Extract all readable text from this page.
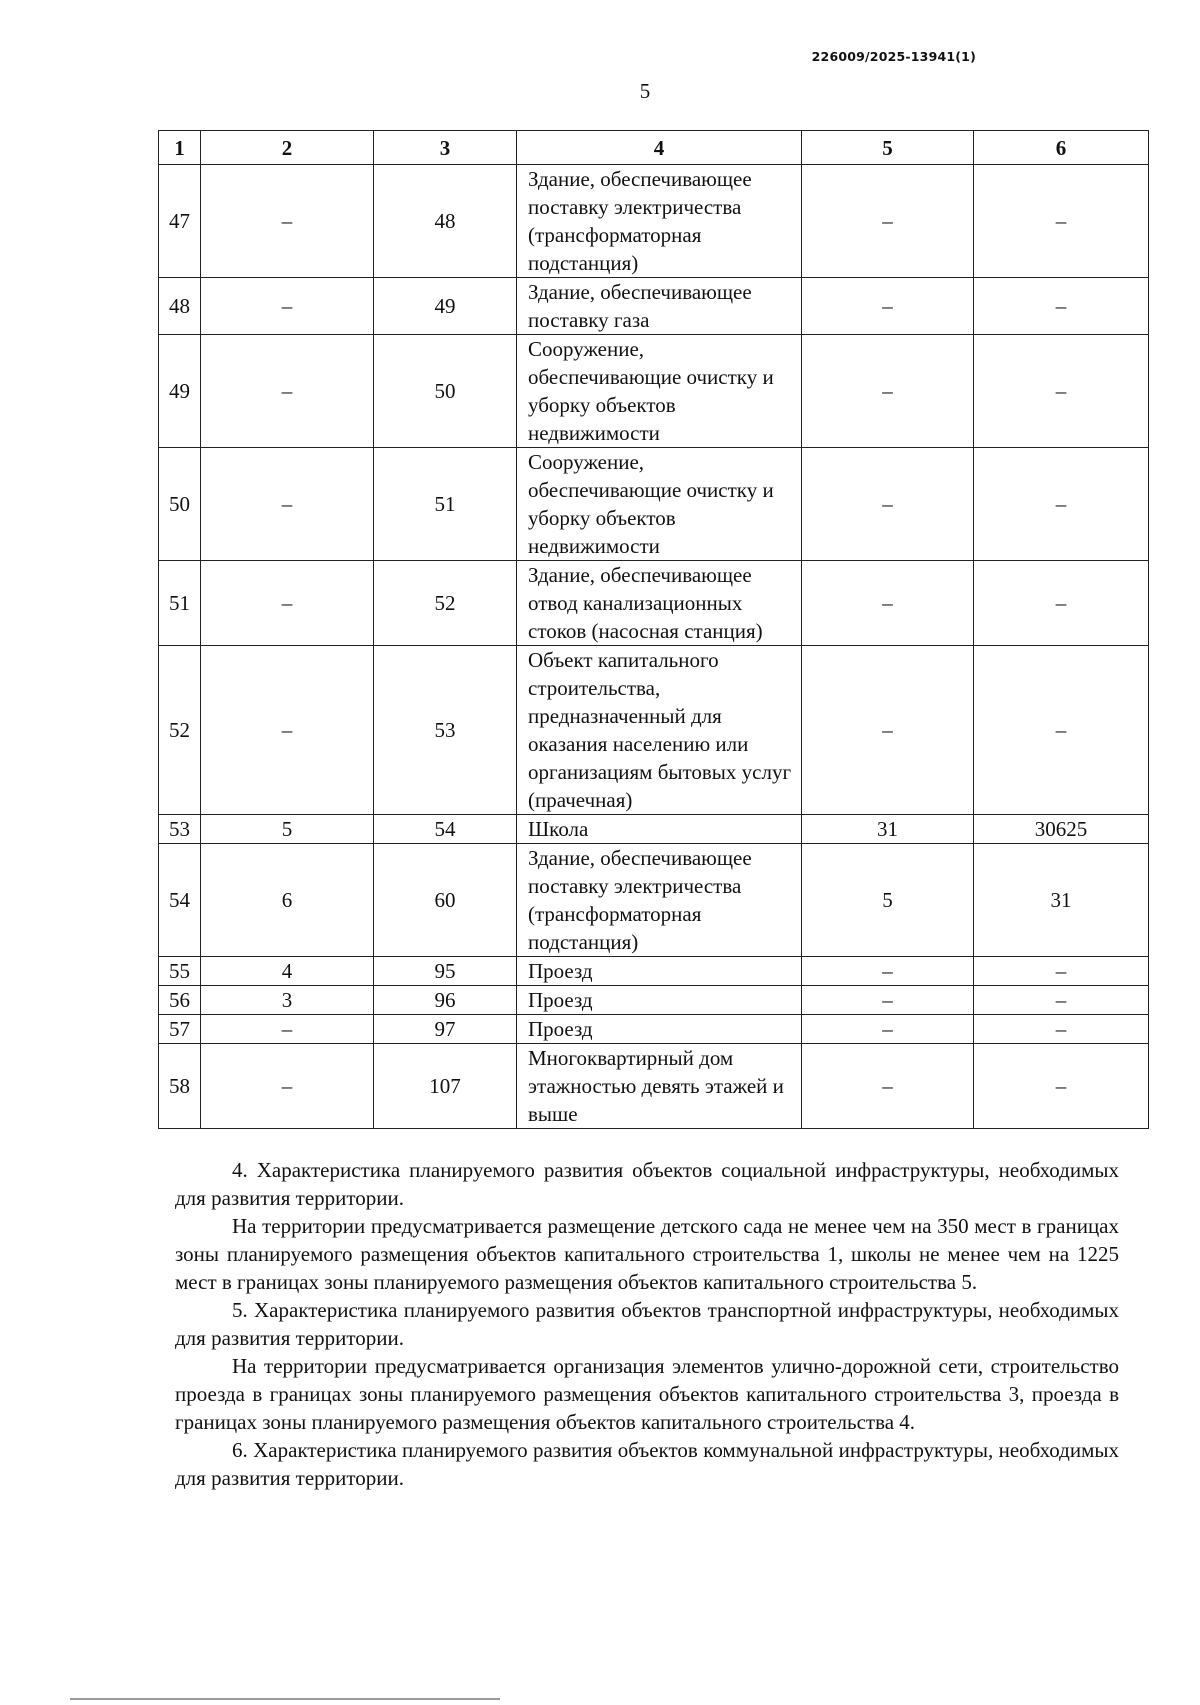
226009/2025-13941(1)
5
1	2	3	4	5	6
47	–	48	Здание, обеспечивающее поставку электричества (трансформаторная подстанция)	–	–
48	–	49	Здание, обеспечивающее поставку газа	–	–
49	–	50	Сооружение, обеспечивающие очистку и уборку объектов недвижимости	–	–
50	–	51	Сооружение, обеспечивающие очистку и уборку объектов недвижимости	–	–
51	–	52	Здание, обеспечивающее отвод канализационных стоков (насосная станция)	–	–
52	–	53	Объект капитального строительства, предназначенный для оказания населению или организациям бытовых услуг (прачечная)	–	–
53	5	54	Школа	31	30625
54	6	60	Здание, обеспечивающее поставку электричества (трансформаторная подстанция)	5	31
55	4	95	Проезд	–	–
56	3	96	Проезд	–	–
57	–	97	Проезд	–	–
58	–	107	Многоквартирный дом этажностью девять этажей и выше	–	–

4. Характеристика планируемого развития объектов социальной инфраструктуры, необходимых для развития территории.

На территории предусматривается размещение детского сада не менее чем на 350 мест в границах зоны планируемого размещения объектов капитального строительства 1, школы не менее чем на 1225 мест в границах зоны планируемого размещения объектов капитального строительства 5.

5. Характеристика планируемого развития объектов транспортной инфраструктуры, необходимых для развития территории.

На территории предусматривается организация элементов улично-дорожной сети, строительство проезда в границах зоны планируемого размещения объектов капитального строительства 3, проезда в границах зоны планируемого размещения объектов капитального строительства 4.

6. Характеристика планируемого развития объектов коммунальной инфраструктуры, необходимых для развития территории.
